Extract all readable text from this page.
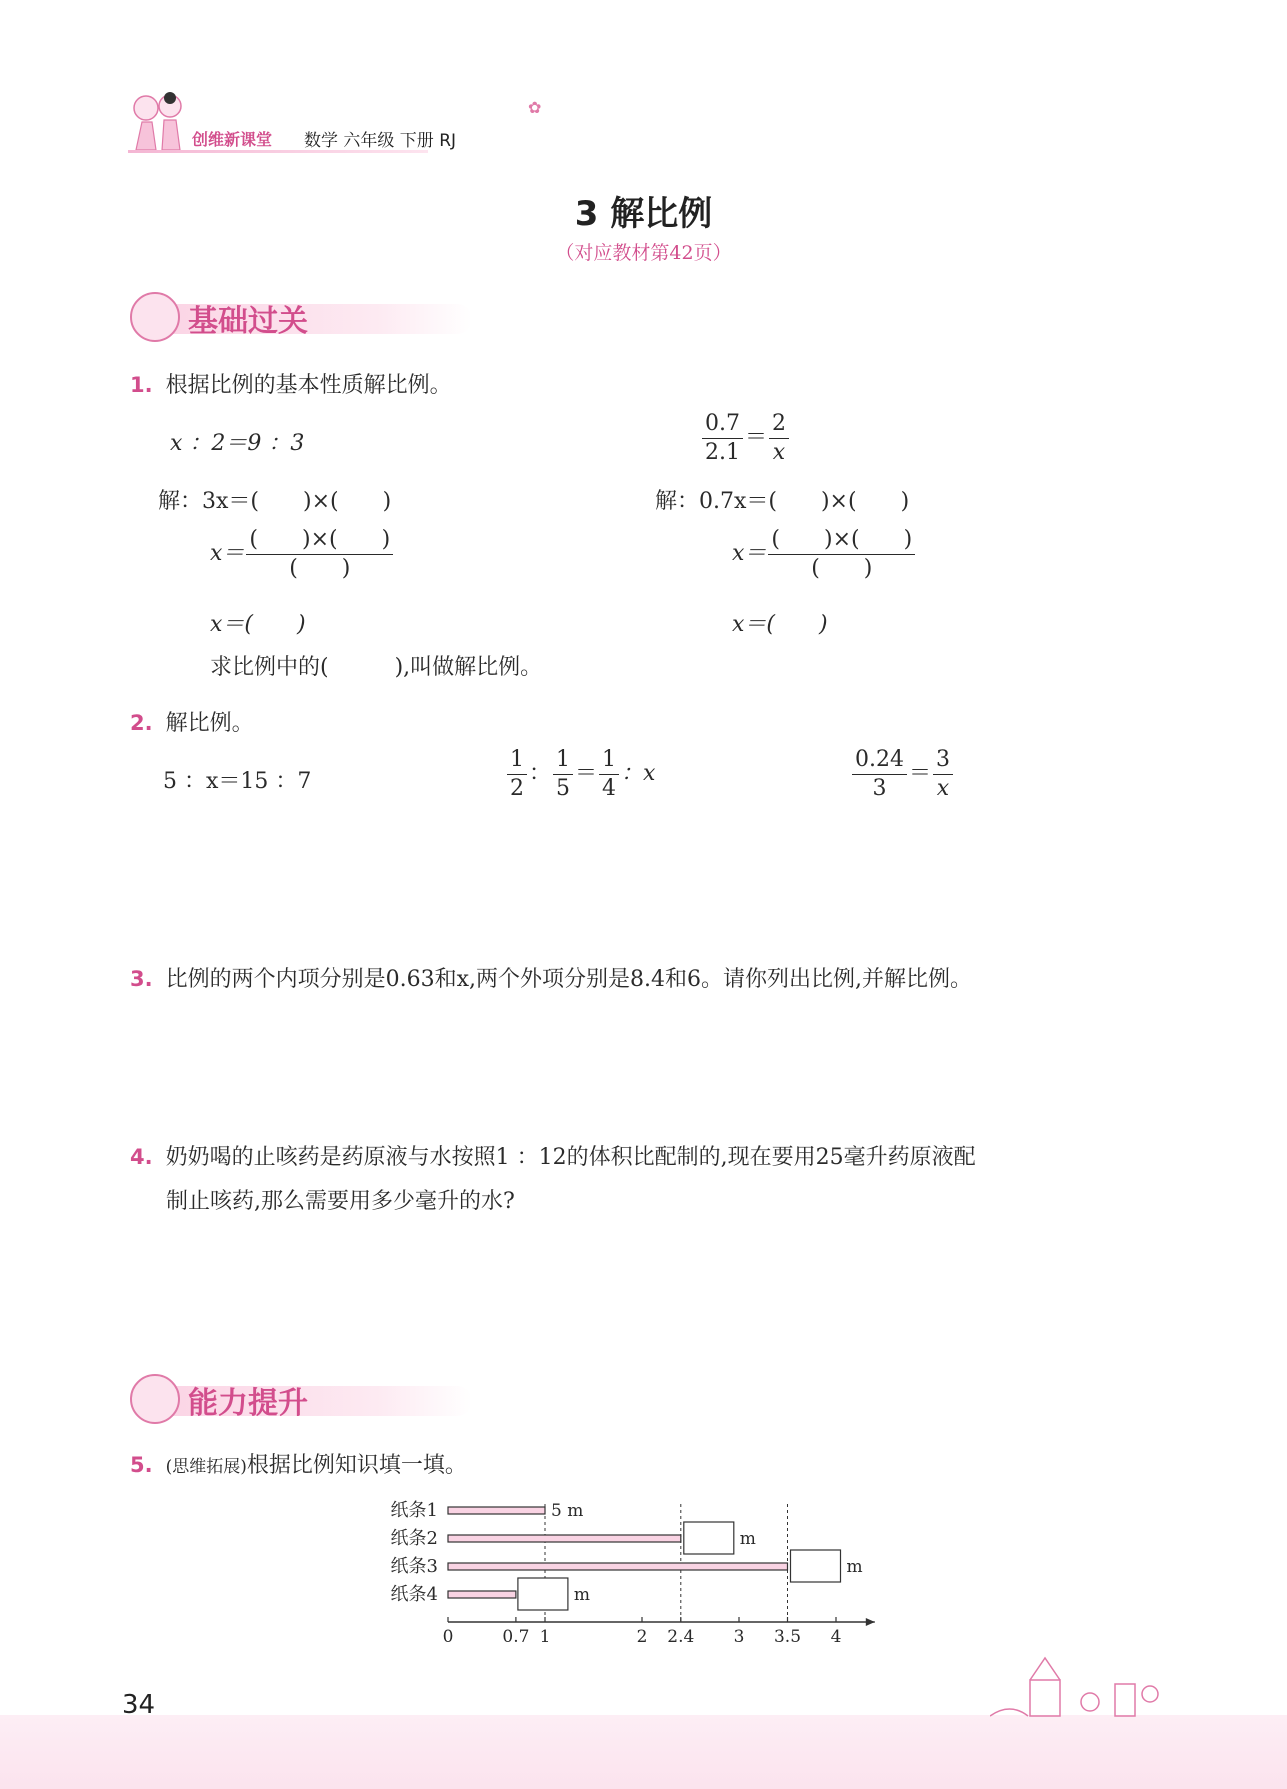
创维新课堂 数学 六年级 下册 RJ
✿
3 解比例
（对应教材第42页）
基础过关
1. 根据比例的基本性质解比例。
x ：2＝9 ：3
解：3x＝(　　)×(　　)
$x= \frac{( )\times( )}{( )}$
x＝(　　)
$\frac{0.7}{2.1} = \frac{2}{x}$
解：0.7x＝(　　)×(　　)
$x= \frac{( )\times( )}{( )}$
x＝(　　)
求比例中的(　　　),叫做解比例。
2. 解比例。
5 ：x＝15 ：7	$\frac{1}{2}$ ： $\frac{1}{5} = \frac{1}{4}$ ：x	$\frac{0.24}{3} = \frac{3}{x}$
3. 比例的两个内项分别是0.63和x,两个外项分别是8.4和6。请你列出比例,并解比例。
4. 奶奶喝的止咳药是药原液与水按照1 ：12的体积比配制的,现在要用25毫升药原液配
制止咳药,那么需要用多少毫升的水?
能力提升
5. (思维拓展)根据比例知识填一填。
0	0.7 1	2 2.4 3 3.5 4
纸条1	5 m
纸条2	m
纸条3	m
纸条4	m
34
